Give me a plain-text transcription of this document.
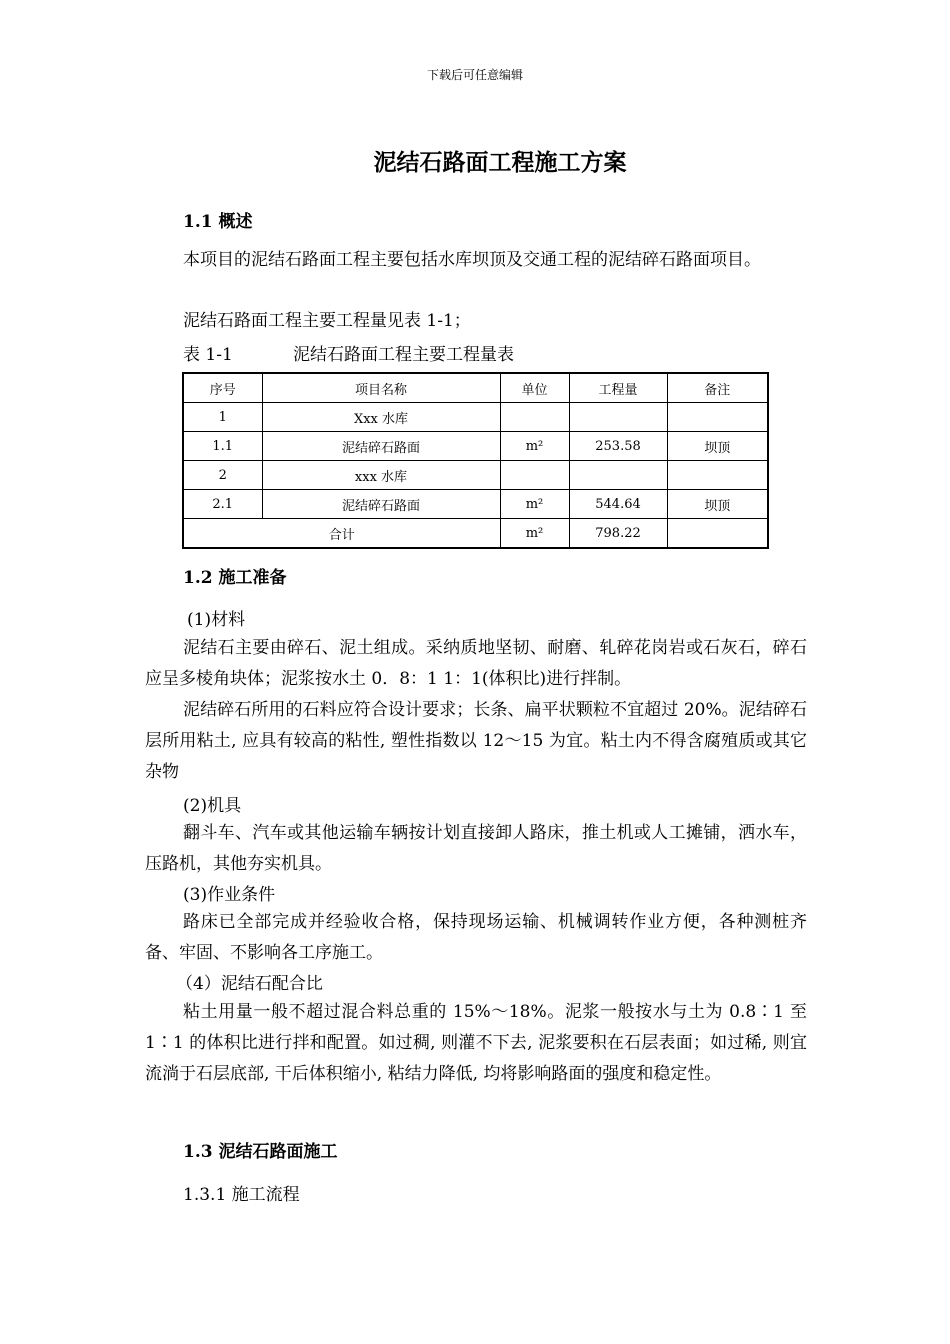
下载后可任意编辑
泥结石路面工程施工方案
1.1 概述
本项目的泥结石路面工程主要包括水库坝顶及交通工程的泥结碎石路面项目。
泥结石路面工程主要工程量见表 1-1；
表 1-1	泥结石路面工程主要工程量表
序号	项目名称	单位	工程量	备注
1	Xxx 水库			
1.1	泥结碎石路面	m²	253.58	坝顶
2	xxx 水库			
2.1	泥结碎石路面	m²	544.64	坝顶
合计		m²	798.22	
1.2 施工准备
(1)材料
泥结石主要由碎石、泥土组成。采纳质地坚韧、耐磨、轧碎花岗岩或石灰石，碎石应呈多棱角块体；泥浆按水土 0．8：1 1：1(体积比)进行拌制。
泥结碎石所用的石料应符合设计要求；长条、扁平状颗粒不宜超过 20%。泥结碎石层所用粘土, 应具有较高的粘性, 塑性指数以 12～15 为宜。粘土内不得含腐殖质或其它杂物
(2)机具
翻斗车、汽车或其他运输车辆按计划直接卸人路床，推土机或人工摊铺，洒水车，压路机，其他夯实机具。
(3)作业条件
路床已全部完成并经验收合格，保持现场运输、机械调转作业方便，各种测桩齐备、牢固、不影响各工序施工。
（4）泥结石配合比
粘土用量一般不超过混合料总重的 15%～18%。泥浆一般按水与土为 0.8∶1 至 1∶1 的体积比进行拌和配置。如过稠, 则灌不下去, 泥浆要积在石层表面；如过稀, 则宜流淌于石层底部, 干后体积缩小, 粘结力降低, 均将影响路面的强度和稳定性。
1.3 泥结石路面施工
1.3.1 施工流程
